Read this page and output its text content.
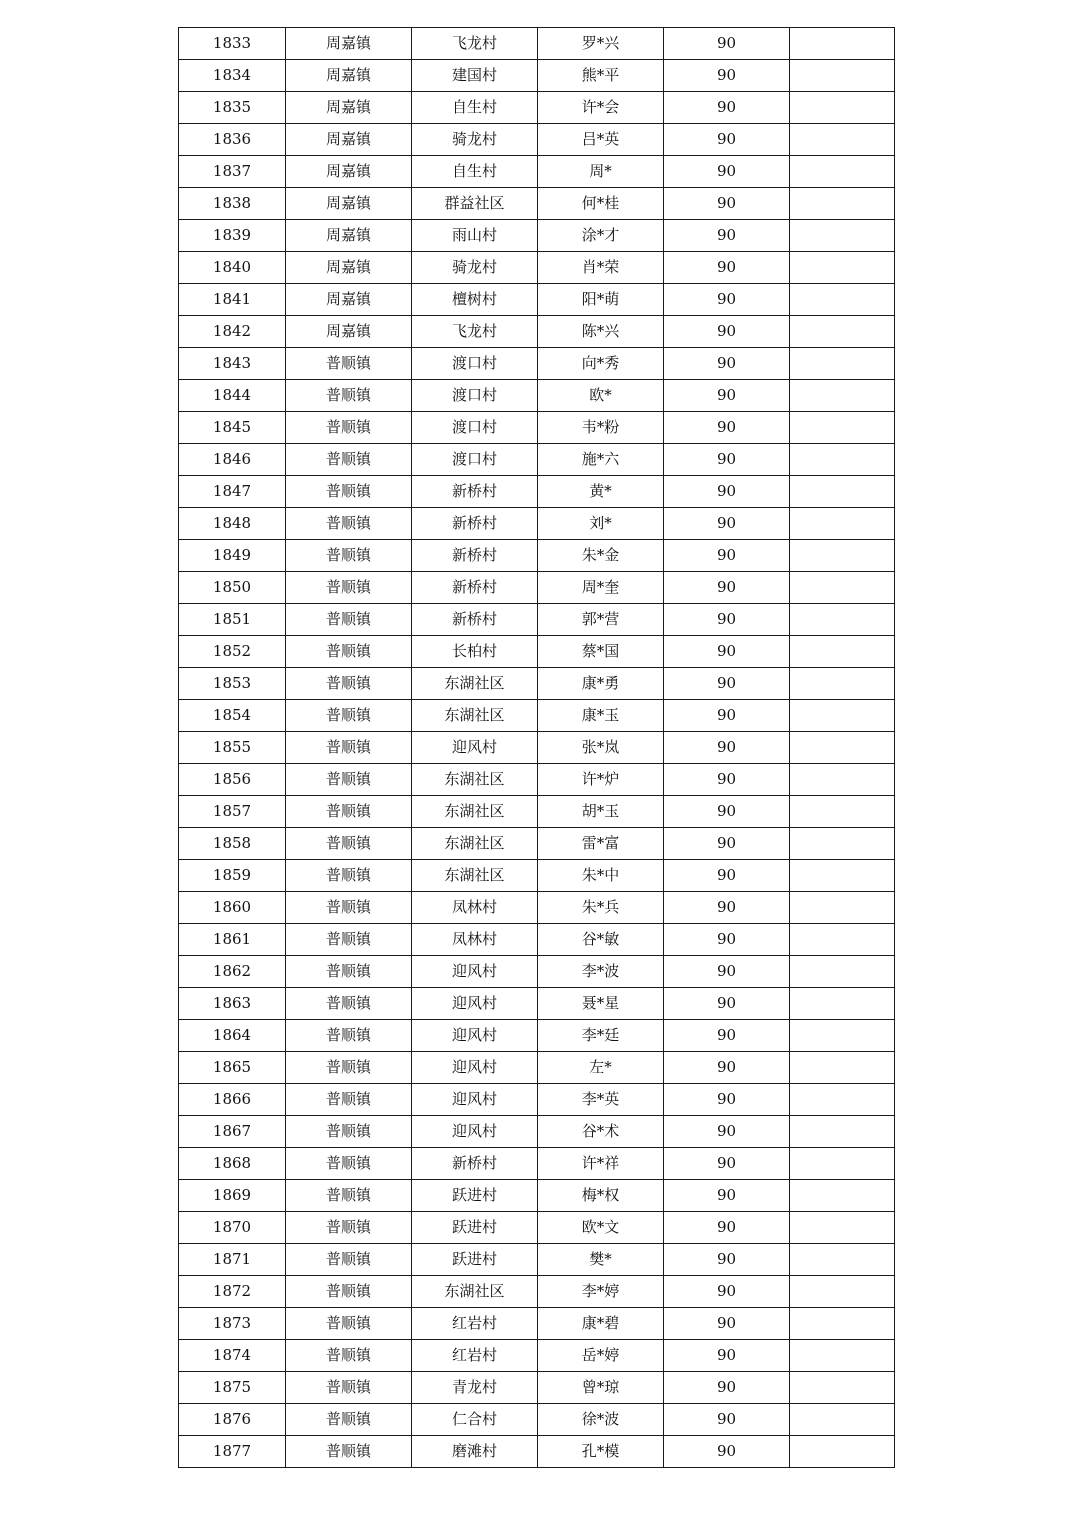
1833	周嘉镇	飞龙村	罗*兴	90	
1834	周嘉镇	建国村	熊*平	90	
1835	周嘉镇	自生村	许*会	90	
1836	周嘉镇	骑龙村	吕*英	90	
1837	周嘉镇	自生村	周*	90	
1838	周嘉镇	群益社区	何*桂	90	
1839	周嘉镇	雨山村	涂*才	90	
1840	周嘉镇	骑龙村	肖*荣	90	
1841	周嘉镇	檀树村	阳*萌	90	
1842	周嘉镇	飞龙村	陈*兴	90	
1843	普顺镇	渡口村	向*秀	90	
1844	普顺镇	渡口村	欧*	90	
1845	普顺镇	渡口村	韦*粉	90	
1846	普顺镇	渡口村	施*六	90	
1847	普顺镇	新桥村	黄*	90	
1848	普顺镇	新桥村	刘*	90	
1849	普顺镇	新桥村	朱*金	90	
1850	普顺镇	新桥村	周*奎	90	
1851	普顺镇	新桥村	郭*营	90	
1852	普顺镇	长柏村	蔡*国	90	
1853	普顺镇	东湖社区	康*勇	90	
1854	普顺镇	东湖社区	康*玉	90	
1855	普顺镇	迎风村	张*岚	90	
1856	普顺镇	东湖社区	许*炉	90	
1857	普顺镇	东湖社区	胡*玉	90	
1858	普顺镇	东湖社区	雷*富	90	
1859	普顺镇	东湖社区	朱*中	90	
1860	普顺镇	凤林村	朱*兵	90	
1861	普顺镇	凤林村	谷*敏	90	
1862	普顺镇	迎风村	李*波	90	
1863	普顺镇	迎风村	聂*星	90	
1864	普顺镇	迎风村	李*廷	90	
1865	普顺镇	迎风村	左*	90	
1866	普顺镇	迎风村	李*英	90	
1867	普顺镇	迎风村	谷*术	90	
1868	普顺镇	新桥村	许*祥	90	
1869	普顺镇	跃进村	梅*权	90	
1870	普顺镇	跃进村	欧*文	90	
1871	普顺镇	跃进村	樊*	90	
1872	普顺镇	东湖社区	李*婷	90	
1873	普顺镇	红岩村	康*碧	90	
1874	普顺镇	红岩村	岳*婷	90	
1875	普顺镇	青龙村	曾*琼	90	
1876	普顺镇	仁合村	徐*波	90	
1877	普顺镇	磨滩村	孔*模	90	
